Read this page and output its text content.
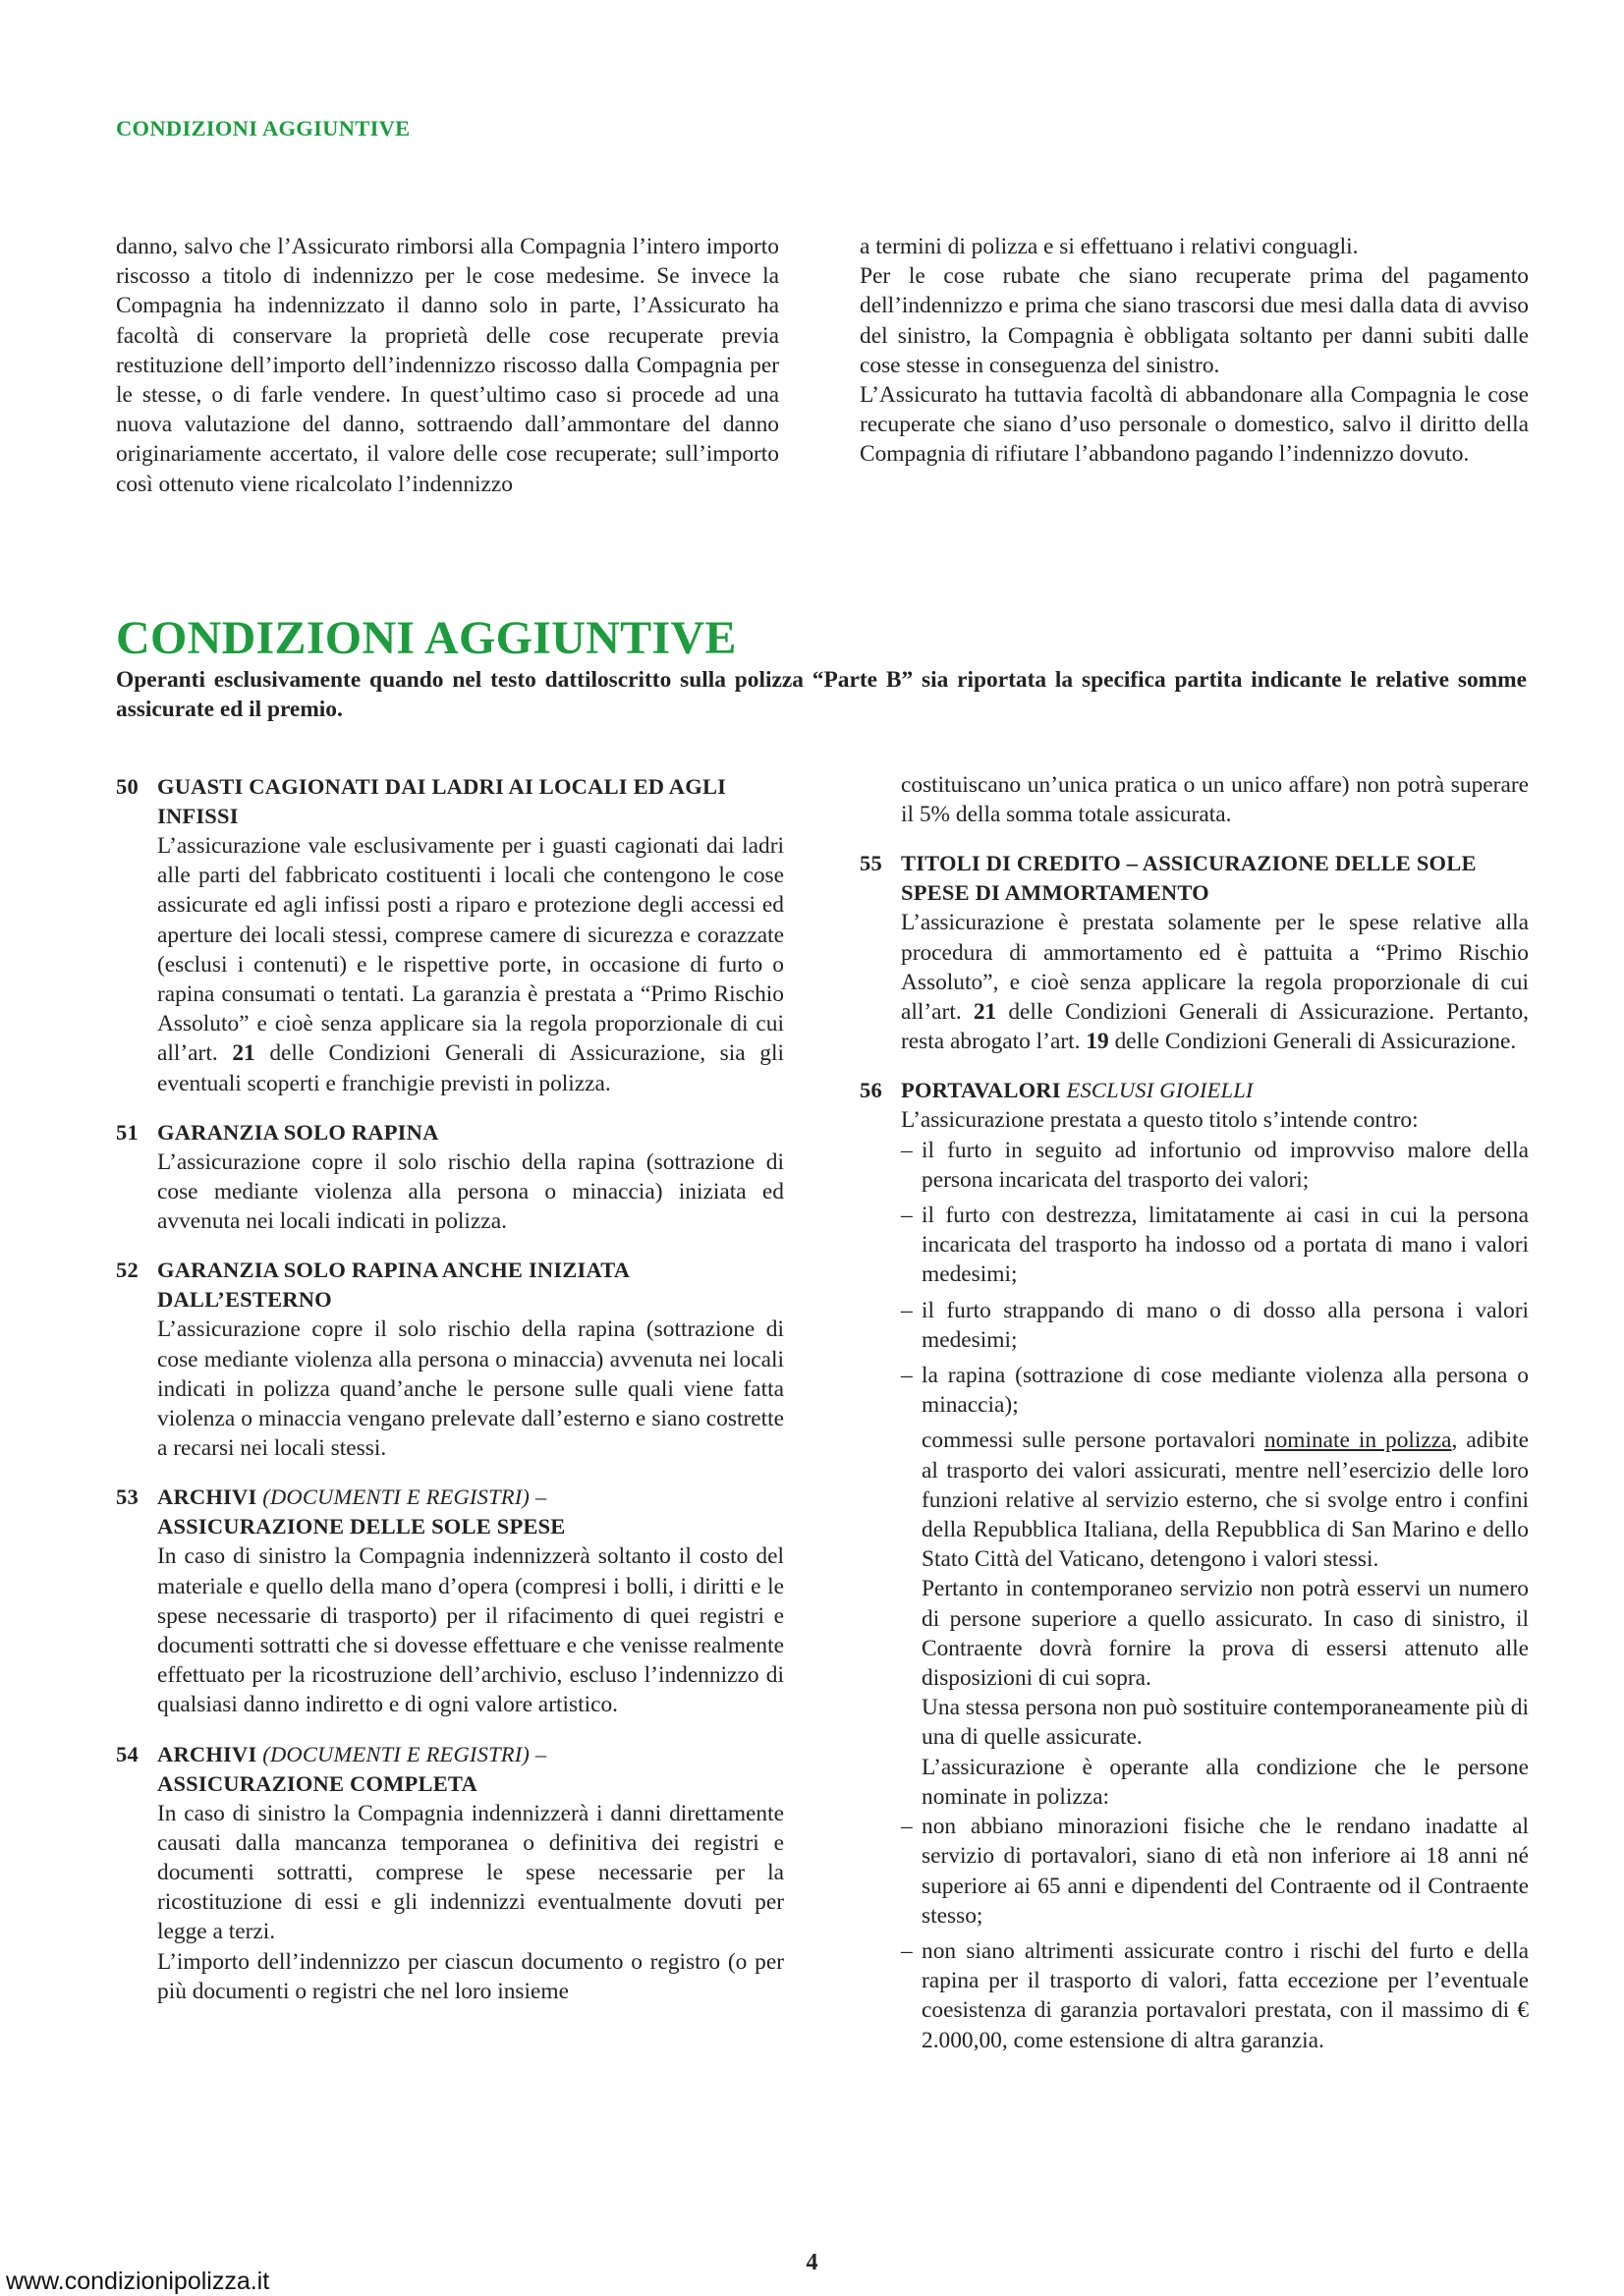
CONDIZIONI AGGIUNTIVE

danno, salvo che l’Assicurato rimborsi alla Compagnia l’intero importo riscosso a titolo di indennizzo per le cose medesime. Se invece la Compagnia ha indennizzato il danno solo in parte, l’Assicurato ha facoltà di conservare la proprietà delle cose recuperate previa restituzione dell’importo dell’indennizzo riscosso dalla Compagnia per le stesse, o di farle vendere. In quest’ultimo caso si procede ad una nuova valutazione del danno, sottraendo dall’ammontare del danno originariamente accertato, il valore delle cose recuperate; sull’importo così ottenuto viene ricalcolato l’indennizzo

a termini di polizza e si effettuano i relativi conguagli.

Per le cose rubate che siano recuperate prima del pagamento dell’indennizzo e prima che siano trascorsi due mesi dalla data di avviso del sinistro, la Compagnia è obbligata soltanto per danni subiti dalle cose stesse in conseguenza del sinistro.

L’Assicurato ha tuttavia facoltà di abbandonare alla Compagnia le cose recuperate che siano d’uso personale o domestico, salvo il diritto della Compagnia di rifiutare l’abbandono pagando l’indennizzo dovuto.

CONDIZIONI AGGIUNTIVE
Operanti esclusivamente quando nel testo dattiloscritto sulla polizza “Parte B” sia riportata la specifica partita indicante le relative somme assicurate ed il premio.
50 GUASTI CAGIONATI DAI LADRI AI LOCALI ED AGLI INFISSI

L’assicurazione vale esclusivamente per i guasti cagionati dai ladri alle parti del fabbricato costituenti i locali che contengono le cose assicurate ed agli infissi posti a riparo e protezione degli accessi ed aperture dei locali stessi, comprese camere di sicurezza e corazzate (esclusi i contenuti) e le rispettive porte, in occasione di furto o rapina consumati o tentati. La garanzia è prestata a “Primo Rischio Assoluto” e cioè senza applicare sia la regola proporzionale di cui all’art. 21 delle Condizioni Generali di Assicurazione, sia gli eventuali scoperti e franchigie previsti in polizza.

51 GARANZIA SOLO RAPINA

L’assicurazione copre il solo rischio della rapina (sottrazione di cose mediante violenza alla persona o minaccia) iniziata ed avvenuta nei locali indicati in polizza.

52 GARANZIA SOLO RAPINA ANCHE INIZIATA DALL’ESTERNO

L’assicurazione copre il solo rischio della rapina (sottrazione di cose mediante violenza alla persona o minaccia) avvenuta nei locali indicati in polizza quand’anche le persone sulle quali viene fatta violenza o minaccia vengano prelevate dall’esterno e siano costrette a recarsi nei locali stessi.

53 ARCHIVI (DOCUMENTI E REGISTRI) –
ASSICURAZIONE DELLE SOLE SPESE

In caso di sinistro la Compagnia indennizzerà soltanto il costo del materiale e quello della mano d’opera (compresi i bolli, i diritti e le spese necessarie di trasporto) per il rifacimento di quei registri e documenti sottratti che si dovesse effettuare e che venisse realmente effettuato per la ricostruzione dell’archivio, escluso l’indennizzo di qualsiasi danno indiretto e di ogni valore artistico.

54 ARCHIVI (DOCUMENTI E REGISTRI) –
ASSICURAZIONE COMPLETA

In caso di sinistro la Compagnia indennizzerà i danni direttamente causati dalla mancanza temporanea o definitiva dei registri e documenti sottratti, comprese le spese necessarie per la ricostituzione di essi e gli indennizzi eventualmente dovuti per legge a terzi.

L’importo dell’indennizzo per ciascun documento o registro (o per più documenti o registri che nel loro insieme

costituiscano un’unica pratica o un unico affare) non potrà superare il 5% della somma totale assicurata.

55 TITOLI DI CREDITO – ASSICURAZIONE DELLE SOLE SPESE DI AMMORTAMENTO

L’assicurazione è prestata solamente per le spese relative alla procedura di ammortamento ed è pattuita a “Primo Rischio Assoluto”, e cioè senza applicare la regola proporzionale di cui all’art. 21 delle Condizioni Generali di Assicurazione. Pertanto, resta abrogato l’art. 19 delle Condizioni Generali di Assicurazione.

56 PORTAVALORI ESCLUSI GIOIELLI

L’assicurazione prestata a questo titolo s’intende contro:

– il furto in seguito ad infortunio od improvviso malore della persona incaricata del trasporto dei valori;
– il furto con destrezza, limitatamente ai casi in cui la persona incaricata del trasporto ha indosso od a portata di mano i valori medesimi;
– il furto strappando di mano o di dosso alla persona i valori medesimi;
– la rapina (sottrazione di cose mediante violenza alla persona o minaccia);

commessi sulle persone portavalori nominate in polizza, adibite al trasporto dei valori assicurati, mentre nell’esercizio delle loro funzioni relative al servizio esterno, che si svolge entro i confini della Repubblica Italiana, della Repubblica di San Marino e dello Stato Città del Vaticano, detengono i valori stessi.

Pertanto in contemporaneo servizio non potrà esservi un numero di persone superiore a quello assicurato. In caso di sinistro, il Contraente dovrà fornire la prova di essersi attenuto alle disposizioni di cui sopra.

Una stessa persona non può sostituire contemporaneamente più di una di quelle assicurate.

L’assicurazione è operante alla condizione che le persone nominate in polizza:

– non abbiano minorazioni fisiche che le rendano inadatte al servizio di portavalori, siano di età non inferiore ai 18 anni né superiore ai 65 anni e dipendenti del Contraente od il Contraente stesso;
– non siano altrimenti assicurate contro i rischi del furto e della rapina per il trasporto di valori, fatta eccezione per l’eventuale coesistenza di garanzia portavalori prestata, con il massimo di € 2.000,00, come estensione di altra garanzia.
4
www.condizionipolizza.it
